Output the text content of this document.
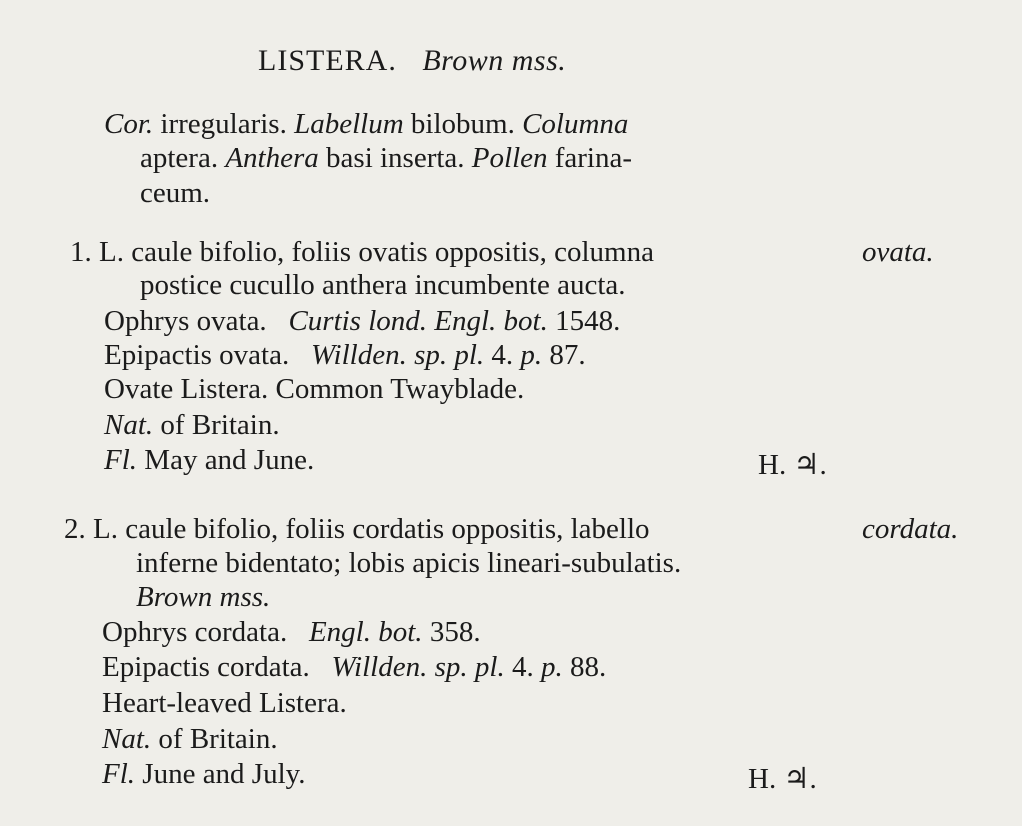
LISTERA. Brown mss.
Cor. irregularis. Labellum bilobum. Columna
aptera. Anthera basi inserta. Pollen farina-
ceum.
1. L. caule bifolio, foliis ovatis oppositis, columna	ovata.
postice cucullo anthera incumbente aucta.
Ophrys ovata. Curtis lond. Engl. bot. 1548.
Epipactis ovata. Willden. sp. pl. 4. p. 87.
Ovate Listera. Common Twayblade.
Nat. of Britain.
Fl. May and June.	H. ♃.
2. L. caule bifolio, foliis cordatis oppositis, labello	cordata.
inferne bidentato; lobis apicis lineari-subulatis.
Brown mss.
Ophrys cordata. Engl. bot. 358.
Epipactis cordata. Willden. sp. pl. 4. p. 88.
Heart-leaved Listera.
Nat. of Britain.
Fl. June and July.	H. ♃.
